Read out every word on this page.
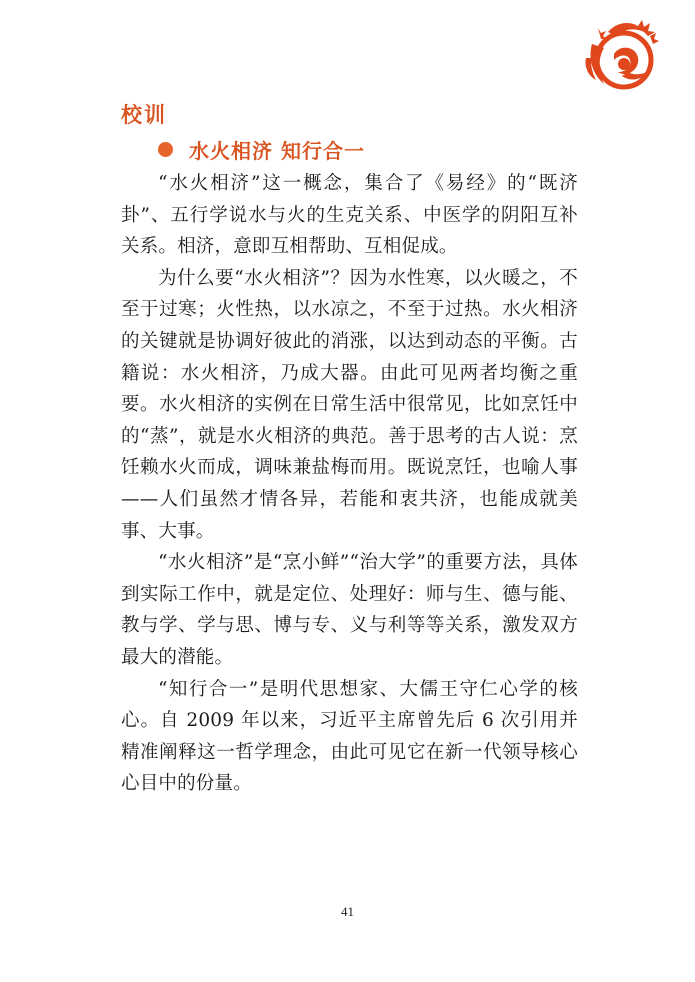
校训
水火相济 知行合一

“水火相济”这一概念，集合了《易经》的“既济卦”、五行学说水与火的生克关系、中医学的阴阳互补关系。相济，意即互相帮助、互相促成。

为什么要“水火相济”？因为水性寒，以火暖之，不至于过寒；火性热，以水凉之，不至于过热。水火相济的关键就是协调好彼此的消涨，以达到动态的平衡。古籍说：水火相济，乃成大器。由此可见两者均衡之重要。水火相济的实例在日常生活中很常见，比如烹饪中的“蒸”，就是水火相济的典范。善于思考的古人说：烹饪赖水火而成，调味兼盐梅而用。既说烹饪，也喻人事——人们虽然才情各异，若能和衷共济，也能成就美事、大事。

“水火相济”是“烹小鲜”“治大学”的重要方法，具体到实际工作中，就是定位、处理好：师与生、德与能、教与学、学与思、博与专、义与利等等关系，激发双方最大的潜能。

“知行合一”是明代思想家、大儒王守仁心学的核心。自 2009 年以来，习近平主席曾先后 6 次引用并精准阐释这一哲学理念，由此可见它在新一代领导核心心目中的份量。

41
